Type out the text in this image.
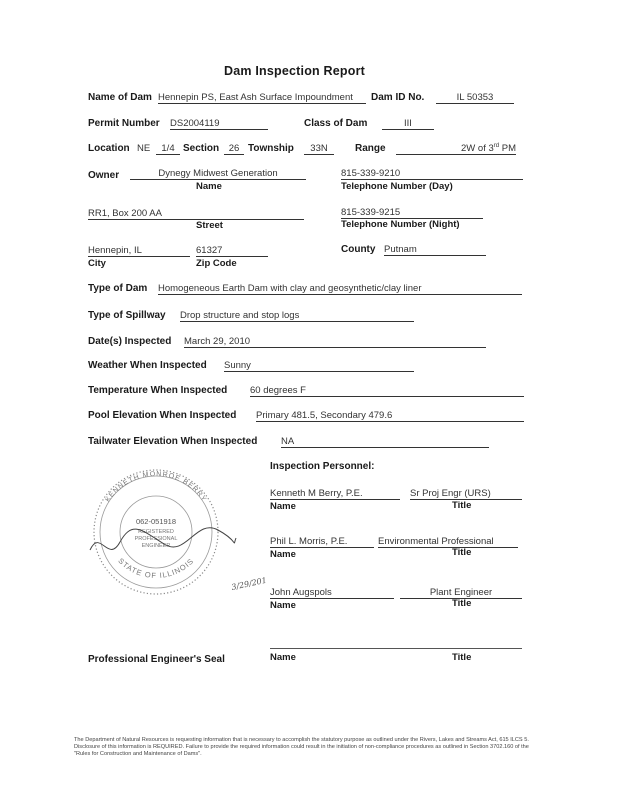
Dam Inspection Report
Name of Dam Hennepin PS, East Ash Surface Impoundment	Dam ID No.	IL 50353
Permit Number DS2004119	Class of Dam	III
Location NE	1/4 Section	26 Township	33N	Range	2W of 3rd PM
Owner	Dynegy Midwest Generation
Name
815-339-9210
Telephone Number (Day)
RR1, Box 200 AA
Street
815-339-9215
Telephone Number (Night)
Hennepin, IL	61327
City	Zip Code
County Putnam
Type of Dam Homogeneous Earth Dam with clay and geosynthetic/clay liner
Type of Spillway Drop structure and stop logs
Date(s) Inspected March 29, 2010
Weather When Inspected Sunny
Temperature When Inspected 60 degrees F
Pool Elevation When Inspected Primary 481.5, Secondary 479.6
Tailwater Elevation When Inspected NA
Inspection Personnel:
Kenneth M Berry, P.E.	Sr Proj Engr (URS)
Name	Title
Phil L. Morris, P.E.	Environmental Professional
Name	Title
John Augspols	Plant Engineer
Name	Title
Name	Title
Professional Engineer's Seal
KENNETH MONROE BERRY
STATE OF ILLINOIS
062-051918
REGISTERED
PROFESSIONAL
ENGINEER
3/29/2010
The Department of Natural Resources is requesting information that is necessary to accomplish the statutory purpose as outlined under the Rivers, Lakes and Streams Act, 615 ILCS 5. Disclosure of this information is REQUIRED. Failure to provide the required information could result in the initiation of non-compliance procedures as outlined in Section 3702.160 of the "Rules for Construction and Maintenance of Dams".
